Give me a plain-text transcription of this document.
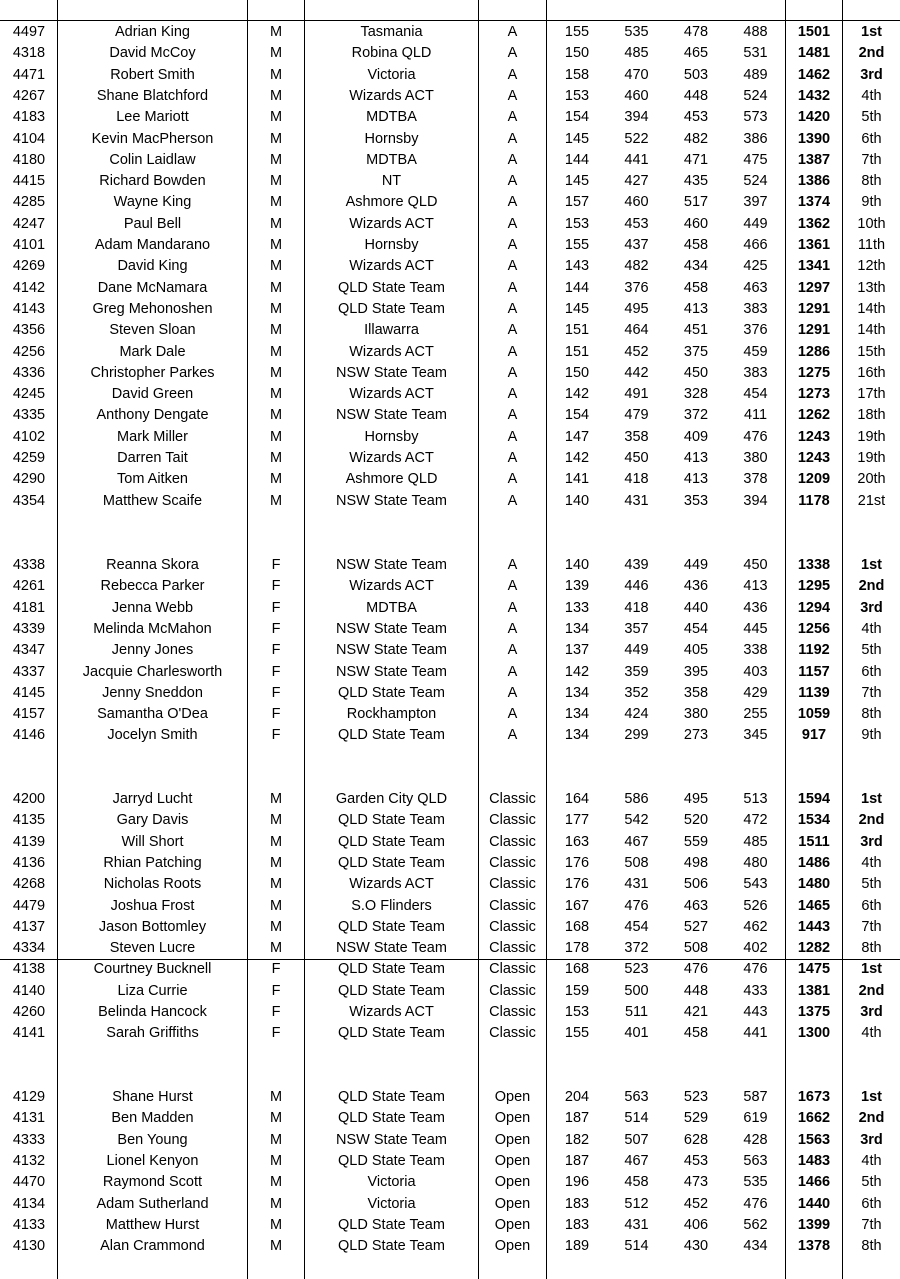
4497	Adrian King	M	Tasmania	A	155	535	478	488	1501	1st
4318	David McCoy	M	Robina QLD	A	150	485	465	531	1481	2nd
4471	Robert Smith	M	Victoria	A	158	470	503	489	1462	3rd
4267	Shane Blatchford	M	Wizards ACT	A	153	460	448	524	1432	4th
4183	Lee Mariott	M	MDTBA	A	154	394	453	573	1420	5th
4104	Kevin MacPherson	M	Hornsby	A	145	522	482	386	1390	6th
4180	Colin Laidlaw	M	MDTBA	A	144	441	471	475	1387	7th
4415	Richard Bowden	M	NT	A	145	427	435	524	1386	8th
4285	Wayne King	M	Ashmore QLD	A	157	460	517	397	1374	9th
4247	Paul Bell	M	Wizards ACT	A	153	453	460	449	1362	10th
4101	Adam Mandarano	M	Hornsby	A	155	437	458	466	1361	11th
4269	David King	M	Wizards ACT	A	143	482	434	425	1341	12th
4142	Dane McNamara	M	QLD State Team	A	144	376	458	463	1297	13th
4143	Greg Mehonoshen	M	QLD State Team	A	145	495	413	383	1291	14th
4356	Steven Sloan	M	Illawarra	A	151	464	451	376	1291	14th
4256	Mark Dale	M	Wizards ACT	A	151	452	375	459	1286	15th
4336	Christopher Parkes	M	NSW State Team	A	150	442	450	383	1275	16th
4245	David Green	M	Wizards ACT	A	142	491	328	454	1273	17th
4335	Anthony Dengate	M	NSW State Team	A	154	479	372	411	1262	18th
4102	Mark Miller	M	Hornsby	A	147	358	409	476	1243	19th
4259	Darren Tait	M	Wizards ACT	A	142	450	413	380	1243	19th
4290	Tom Aitken	M	Ashmore QLD	A	141	418	413	378	1209	20th
4354	Matthew Scaife	M	NSW State Team	A	140	431	353	394	1178	21st
4338	Reanna Skora	F	NSW State Team	A	140	439	449	450	1338	1st
4261	Rebecca Parker	F	Wizards ACT	A	139	446	436	413	1295	2nd
4181	Jenna Webb	F	MDTBA	A	133	418	440	436	1294	3rd
4339	Melinda McMahon	F	NSW State Team	A	134	357	454	445	1256	4th
4347	Jenny Jones	F	NSW State Team	A	137	449	405	338	1192	5th
4337	Jacquie Charlesworth	F	NSW State Team	A	142	359	395	403	1157	6th
4145	Jenny Sneddon	F	QLD State Team	A	134	352	358	429	1139	7th
4157	Samantha O'Dea	F	Rockhampton	A	134	424	380	255	1059	8th
4146	Jocelyn Smith	F	QLD State Team	A	134	299	273	345	917	9th
4200	Jarryd Lucht	M	Garden City QLD	Classic	164	586	495	513	1594	1st
4135	Gary Davis	M	QLD State Team	Classic	177	542	520	472	1534	2nd
4139	Will Short	M	QLD State Team	Classic	163	467	559	485	1511	3rd
4136	Rhian Patching	M	QLD State Team	Classic	176	508	498	480	1486	4th
4268	Nicholas Roots	M	Wizards ACT	Classic	176	431	506	543	1480	5th
4479	Joshua Frost	M	S.O Flinders	Classic	167	476	463	526	1465	6th
4137	Jason Bottomley	M	QLD State Team	Classic	168	454	527	462	1443	7th
4334	Steven Lucre	M	NSW State Team	Classic	178	372	508	402	1282	8th
4138	Courtney Bucknell	F	QLD State Team	Classic	168	523	476	476	1475	1st
4140	Liza Currie	F	QLD State Team	Classic	159	500	448	433	1381	2nd
4260	Belinda Hancock	F	Wizards ACT	Classic	153	511	421	443	1375	3rd
4141	Sarah Griffiths	F	QLD State Team	Classic	155	401	458	441	1300	4th
4129	Shane Hurst	M	QLD State Team	Open	204	563	523	587	1673	1st
4131	Ben Madden	M	QLD State Team	Open	187	514	529	619	1662	2nd
4333	Ben Young	M	NSW State Team	Open	182	507	628	428	1563	3rd
4132	Lionel Kenyon	M	QLD State Team	Open	187	467	453	563	1483	4th
4470	Raymond Scott	M	Victoria	Open	196	458	473	535	1466	5th
4134	Adam Sutherland	M	Victoria	Open	183	512	452	476	1440	6th
4133	Matthew Hurst	M	QLD State Team	Open	183	431	406	562	1399	7th
4130	Alan Crammond	M	QLD State Team	Open	189	514	430	434	1378	8th
